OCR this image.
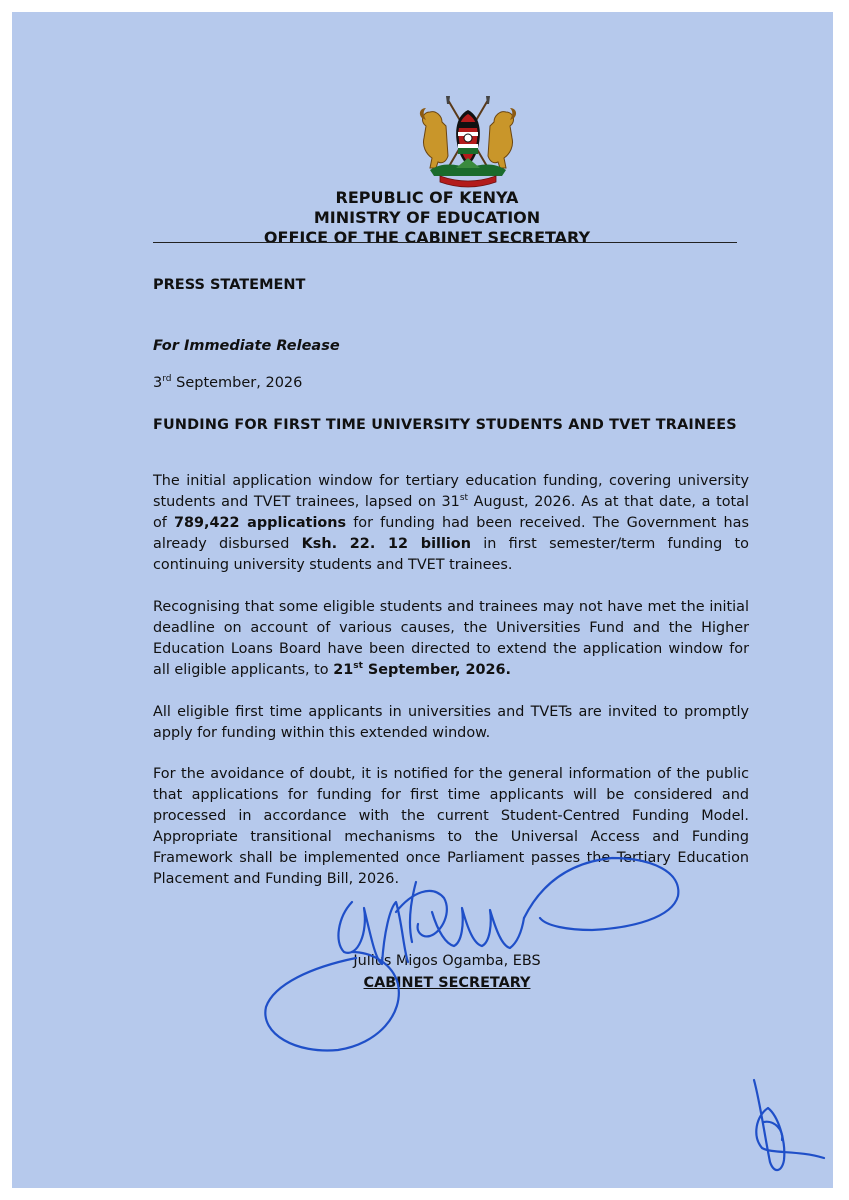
REPUBLIC OF KENYA
MINISTRY OF EDUCATION
OFFICE OF THE CABINET SECRETARY
PRESS STATEMENT
For Immediate Release
3rd September, 2026
FUNDING FOR FIRST TIME UNIVERSITY STUDENTS AND TVET TRAINEES
The initial application window for tertiary education funding, covering university students and TVET trainees, lapsed on 31st August, 2026. As at that date, a total of 789,422 applications for funding had been received. The Government has already disbursed Ksh. 22. 12 billion in first semester/term funding to continuing university students and TVET trainees.
Recognising that some eligible students and trainees may not have met the initial deadline on account of various causes, the Universities Fund and the Higher Education Loans Board have been directed to extend the application window for all eligible applicants, to 21st September, 2026.
All eligible first time applicants in universities and TVETs are invited to promptly apply for funding within this extended window.
For the avoidance of doubt, it is notified for the general information of the public that applications for funding for first time applicants will be considered and processed in accordance with the current Student-Centred Funding Model. Appropriate transitional mechanisms to the Universal Access and Funding Framework shall be implemented once Parliament passes the Tertiary Education Placement and Funding Bill, 2026.
Julius Migos Ogamba, EBS
CABINET SECRETARY
